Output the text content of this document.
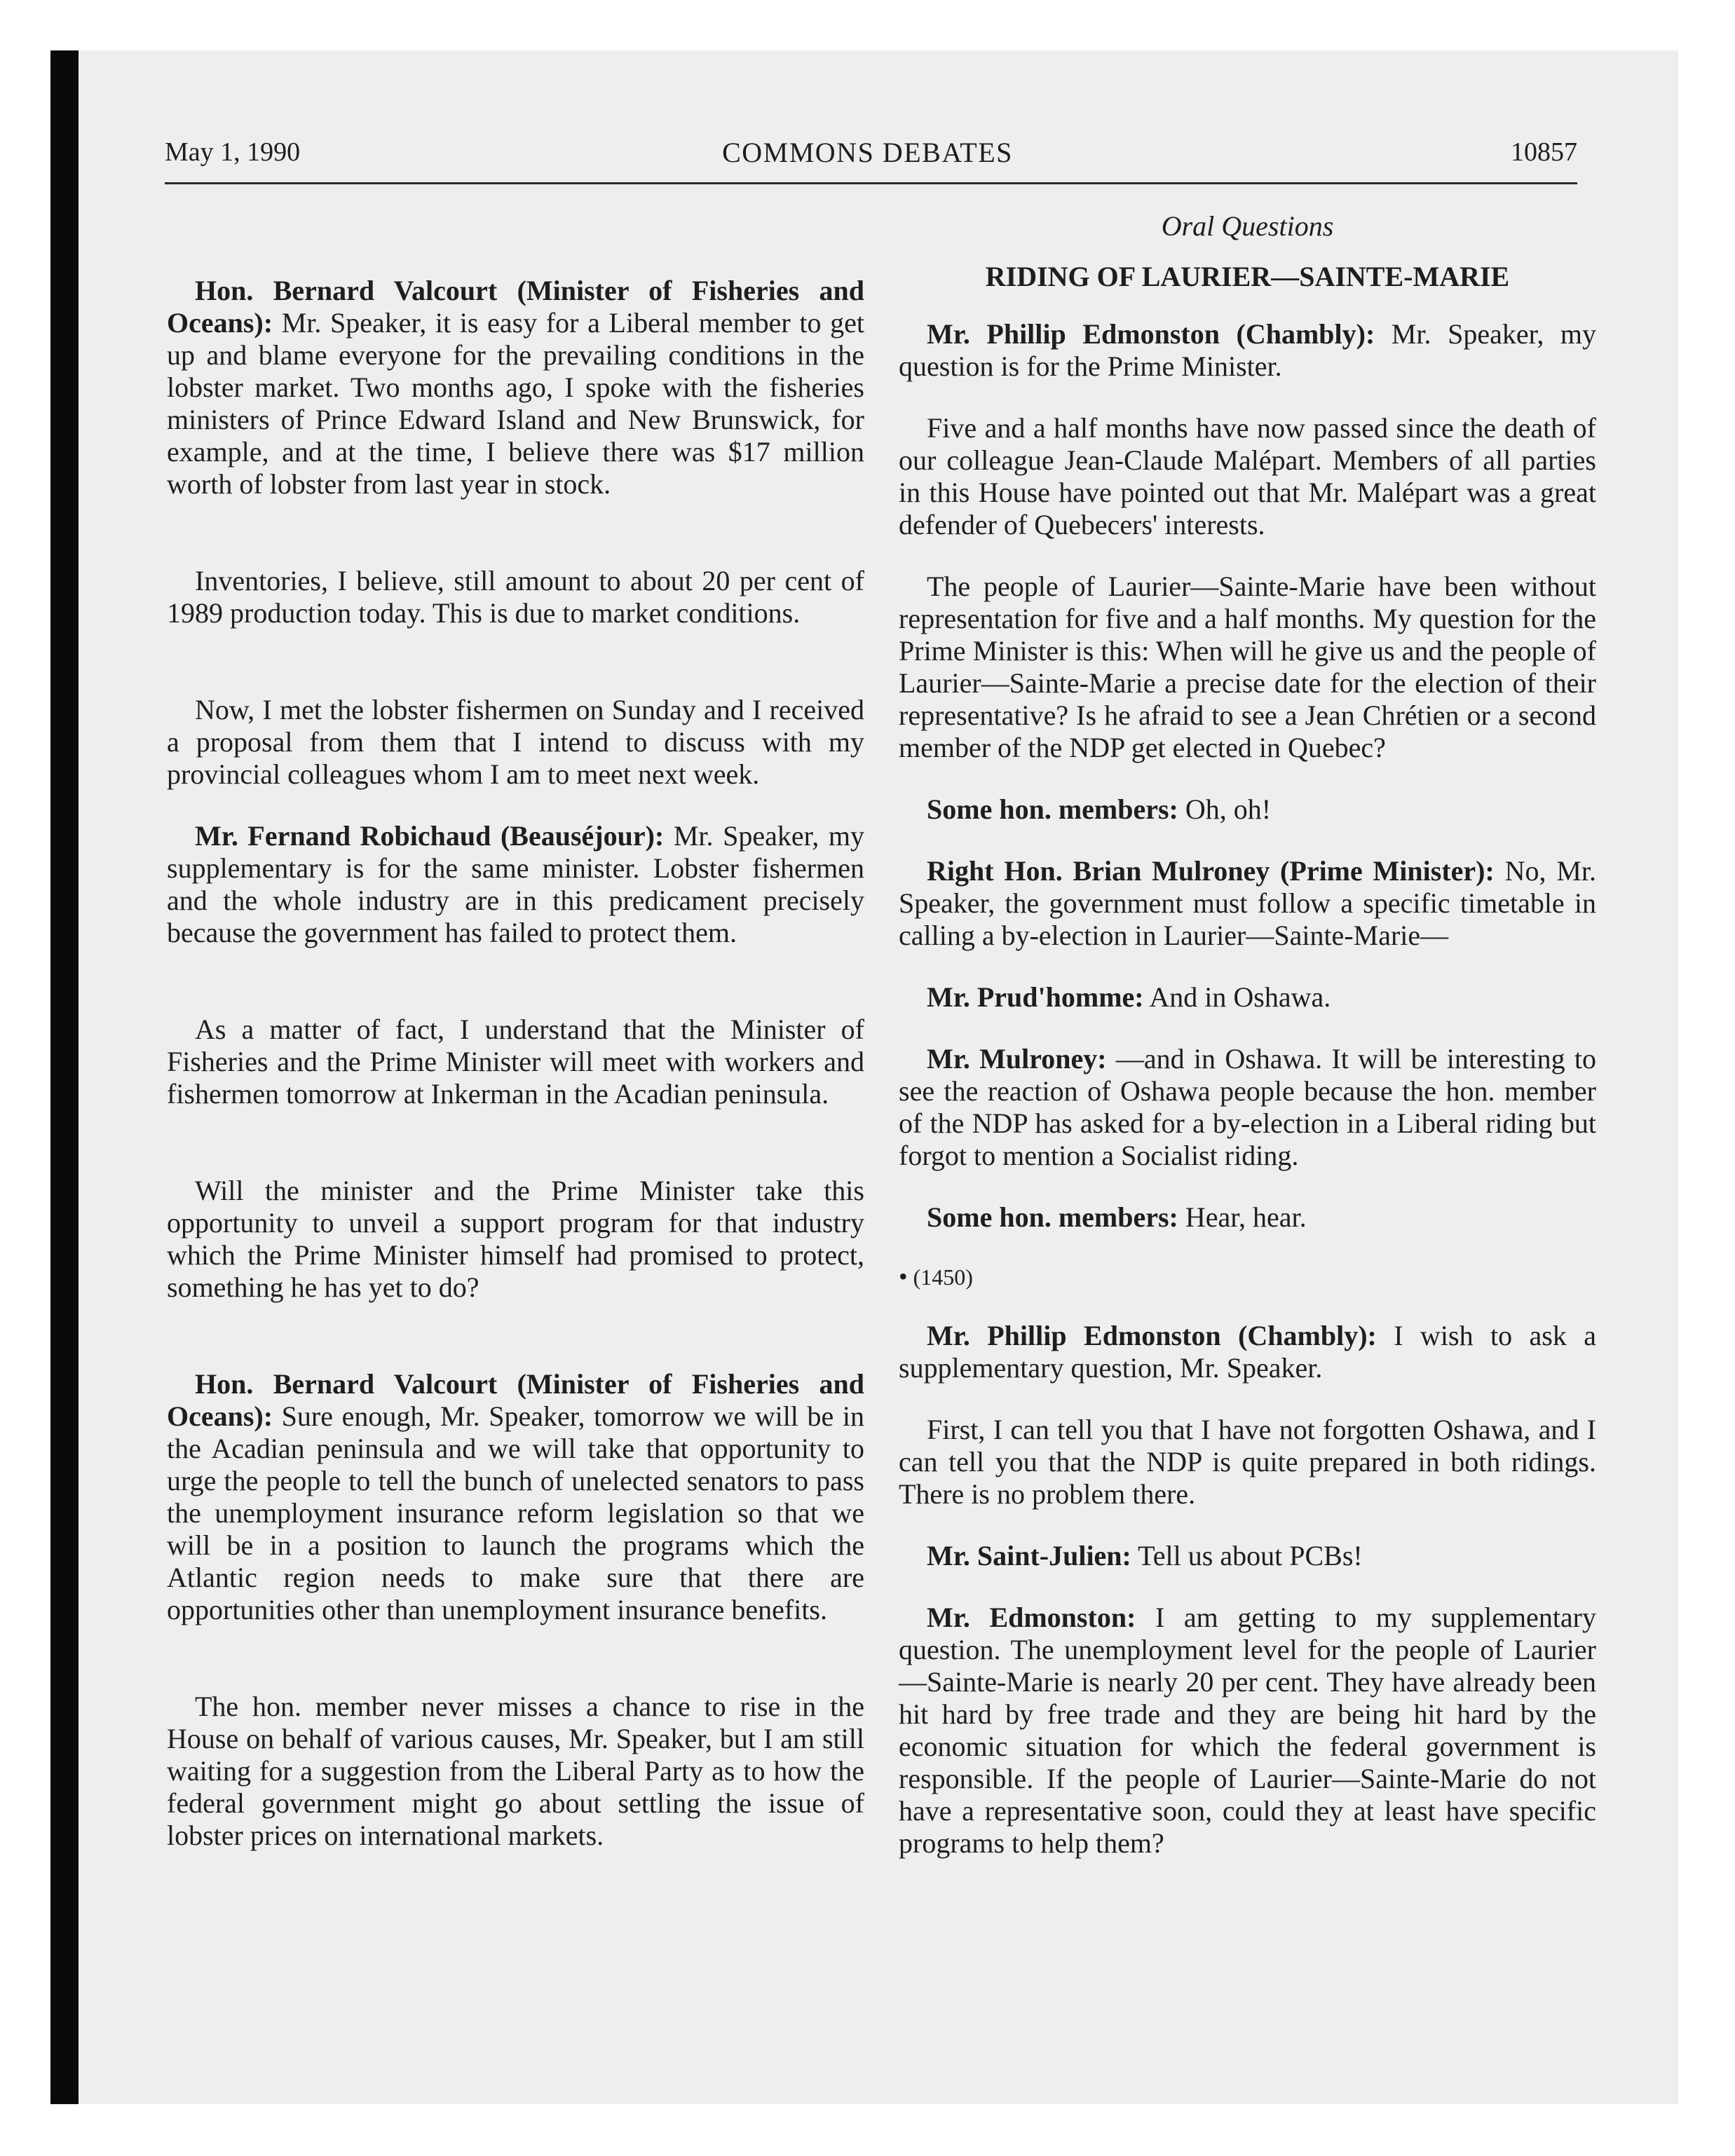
May 1, 1990	COMMONS DEBATES	10857

Hon. Bernard Valcourt (Minister of Fisheries and Oceans): Mr. Speaker, it is easy for a Liberal member to get up and blame everyone for the prevailing conditions in the lobster market. Two months ago, I spoke with the fisheries ministers of Prince Edward Island and New Brunswick, for example, and at the time, I believe there was $17 million worth of lobster from last year in stock.

Inventories, I believe, still amount to about 20 per cent of 1989 production today. This is due to market conditions.

Now, I met the lobster fishermen on Sunday and I received a proposal from them that I intend to discuss with my provincial colleagues whom I am to meet next week.

Mr. Fernand Robichaud (Beauséjour): Mr. Speaker, my supplementary is for the same minister. Lobster fishermen and the whole industry are in this predicament precisely because the government has failed to protect them.

As a matter of fact, I understand that the Minister of Fisheries and the Prime Minister will meet with workers and fishermen tomorrow at Inkerman in the Acadian peninsula.

Will the minister and the Prime Minister take this opportunity to unveil a support program for that industry which the Prime Minister himself had promised to protect, something he has yet to do?

Hon. Bernard Valcourt (Minister of Fisheries and Oceans): Sure enough, Mr. Speaker, tomorrow we will be in the Acadian peninsula and we will take that opportunity to urge the people to tell the bunch of unelected senators to pass the unemployment insurance reform legislation so that we will be in a position to launch the programs which the Atlantic region needs to make sure that there are opportunities other than unemployment insurance benefits.

The hon. member never misses a chance to rise in the House on behalf of various causes, Mr. Speaker, but I am still waiting for a suggestion from the Liberal Party as to how the federal government might go about settling the issue of lobster prices on international markets.

Oral Questions

RIDING OF LAURIER—SAINTE-MARIE

Mr. Phillip Edmonston (Chambly): Mr. Speaker, my question is for the Prime Minister.

Five and a half months have now passed since the death of our colleague Jean-Claude Malépart. Members of all parties in this House have pointed out that Mr. Malépart was a great defender of Quebecers' interests.

The people of Laurier—Sainte-Marie have been without representation for five and a half months. My question for the Prime Minister is this: When will he give us and the people of Laurier—Sainte-Marie a precise date for the election of their representative? Is he afraid to see a Jean Chrétien or a second member of the NDP get elected in Quebec?

Some hon. members: Oh, oh!

Right Hon. Brian Mulroney (Prime Minister): No, Mr. Speaker, the government must follow a specific timetable in calling a by-election in Laurier—Sainte-Marie—

Mr. Prud'homme: And in Oshawa.

Mr. Mulroney: —and in Oshawa. It will be interesting to see the reaction of Oshawa people because the hon. member of the NDP has asked for a by-election in a Liberal riding but forgot to mention a Socialist riding.

Some hon. members: Hear, hear.

• (1450)

Mr. Phillip Edmonston (Chambly): I wish to ask a supplementary question, Mr. Speaker.

First, I can tell you that I have not forgotten Oshawa, and I can tell you that the NDP is quite prepared in both ridings. There is no problem there.

Mr. Saint-Julien: Tell us about PCBs!

Mr. Edmonston: I am getting to my supplementary question. The unemployment level for the people of Laurier—Sainte-Marie is nearly 20 per cent. They have already been hit hard by free trade and they are being hit hard by the economic situation for which the federal government is responsible. If the people of Laurier—Sainte-Marie do not have a representative soon, could they at least have specific programs to help them?
